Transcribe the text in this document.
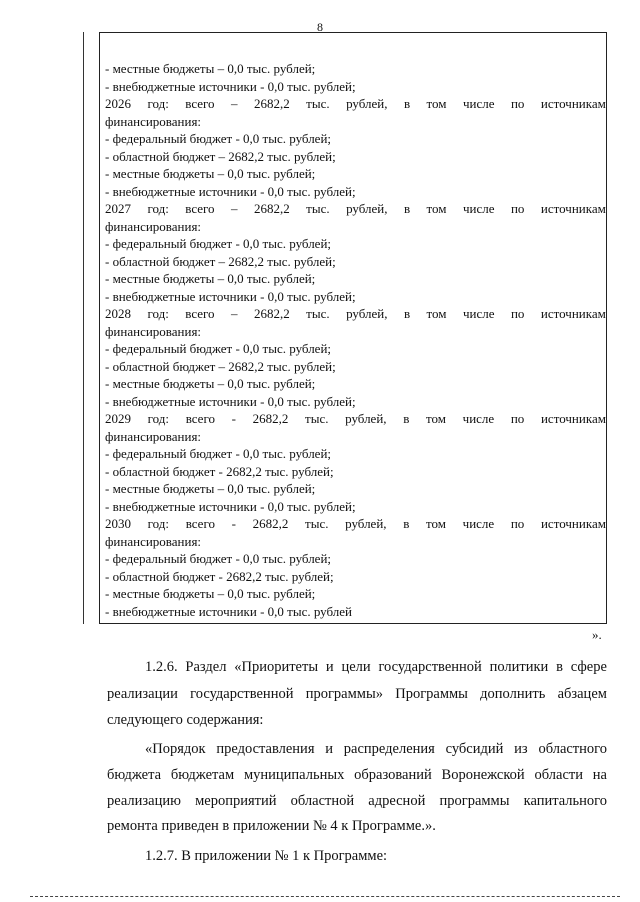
8
- местные бюджеты – 0,0 тыс. рублей;
- внебюджетные источники - 0,0 тыс. рублей;
2026 год: всего – 2682,2 тыс. рублей, в том числе по источникам
финансирования:
- федеральный бюджет - 0,0 тыс. рублей;
- областной бюджет – 2682,2 тыс. рублей;
- местные бюджеты – 0,0 тыс. рублей;
- внебюджетные источники - 0,0 тыс. рублей;
2027 год: всего – 2682,2 тыс. рублей, в том числе по источникам
финансирования:
- федеральный бюджет - 0,0 тыс. рублей;
- областной бюджет – 2682,2 тыс. рублей;
- местные бюджеты – 0,0 тыс. рублей;
- внебюджетные источники - 0,0 тыс. рублей;
2028 год: всего – 2682,2 тыс. рублей, в том числе по источникам
финансирования:
- федеральный бюджет - 0,0 тыс. рублей;
- областной бюджет – 2682,2 тыс. рублей;
- местные бюджеты – 0,0 тыс. рублей;
- внебюджетные источники - 0,0 тыс. рублей;
2029 год: всего - 2682,2 тыс. рублей, в том числе по источникам
финансирования:
- федеральный бюджет - 0,0 тыс. рублей;
- областной бюджет - 2682,2 тыс. рублей;
- местные бюджеты – 0,0 тыс. рублей;
- внебюджетные источники - 0,0 тыс. рублей;
2030 год: всего - 2682,2 тыс. рублей, в том числе по источникам
финансирования:
- федеральный бюджет - 0,0 тыс. рублей;
- областной бюджет - 2682,2 тыс. рублей;
- местные бюджеты – 0,0 тыс. рублей;
- внебюджетные источники - 0,0 тыс. рублей
».
1.2.6. Раздел «Приоритеты и цели государственной политики в сфере
реализации государственной программы» Программы дополнить абзацем
следующего содержания:
«Порядок предоставления и распределения субсидий из областного
бюджета бюджетам муниципальных образований Воронежской области на
реализацию мероприятий областной адресной программы капитального
ремонта приведен в приложении № 4 к Программе.».
1.2.7. В приложении № 1 к Программе:
